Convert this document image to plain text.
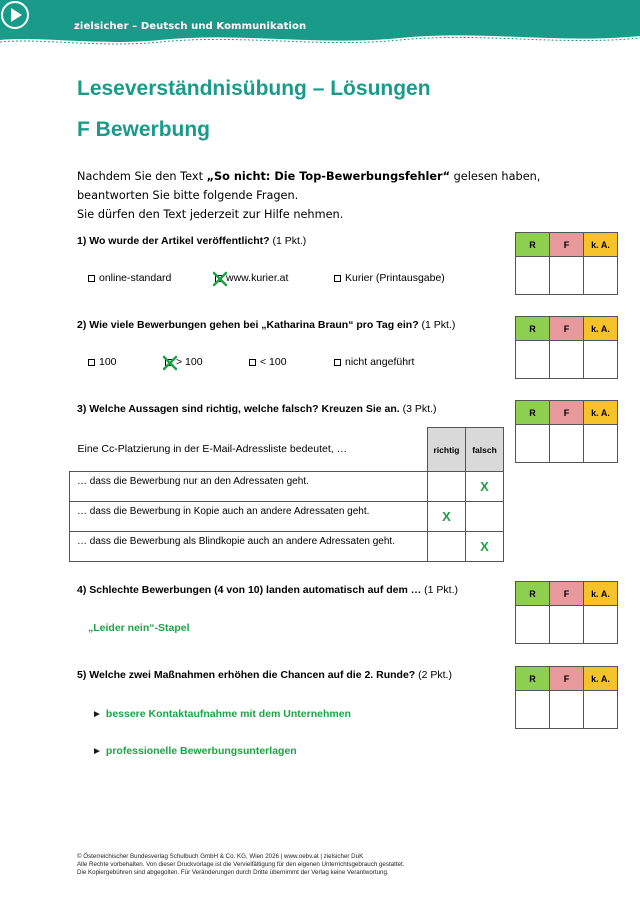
zielsicher – Deutsch und Kommunikation
Leseverständnisübung – Lösungen
F Bewerbung
Nachdem Sie den Text „So nicht: Die Top-Bewerbungsfehler“ gelesen haben, beantworten Sie bitte folgende Fragen.
Sie dürfen den Text jederzeit zur Hilfe nehmen.
1) Wo wurde der Artikel veröffentlicht? (1 Pkt.)	R	F	k. A.

online-standard	www.kurier.at	Kurier (Printausgabe)
2) Wie viele Bewerbungen gehen bei „Katharina Braun“ pro Tag ein? (1 Pkt.)	R	F	k. A.

100	> 100	< 100	nicht angeführt
3) Welche Aussagen sind richtig, welche falsch? Kreuzen Sie an. (3 Pkt.)	R	F	k. A.

Eine Cc-Platzierung in der E-Mail-Adressliste bedeutet, …	richtig	falsch
… dass die Bewerbung nur an den Adressaten geht.		X
… dass die Bewerbung in Kopie auch an andere Adressaten geht.	X	
… dass die Bewerbung als Blindkopie auch an andere Adressaten geht.		X
4) Schlechte Bewerbungen (4 von 10) landen automatisch auf dem … (1 Pkt.)	R	F	k. A.

„Leider nein“-Stapel
5) Welche zwei Maßnahmen erhöhen die Chancen auf die 2. Runde? (2 Pkt.)	R	F	k. A.

► bessere Kontaktaufnahme mit dem Unternehmen
► professionelle Bewerbungsunterlagen
© Österreichischer Bundesverlag Schulbuch GmbH & Co. KG, Wien 2026 | www.oebv.at | zielsicher DuK
Alle Rechte vorbehalten. Von dieser Druckvorlage ist die Vervielfältigung für den eigenen Unterrichtsgebrauch gestattet.
Die Kopiergebühren sind abgegolten. Für Veränderungen durch Dritte übernimmt der Verlag keine Verantwortung.
